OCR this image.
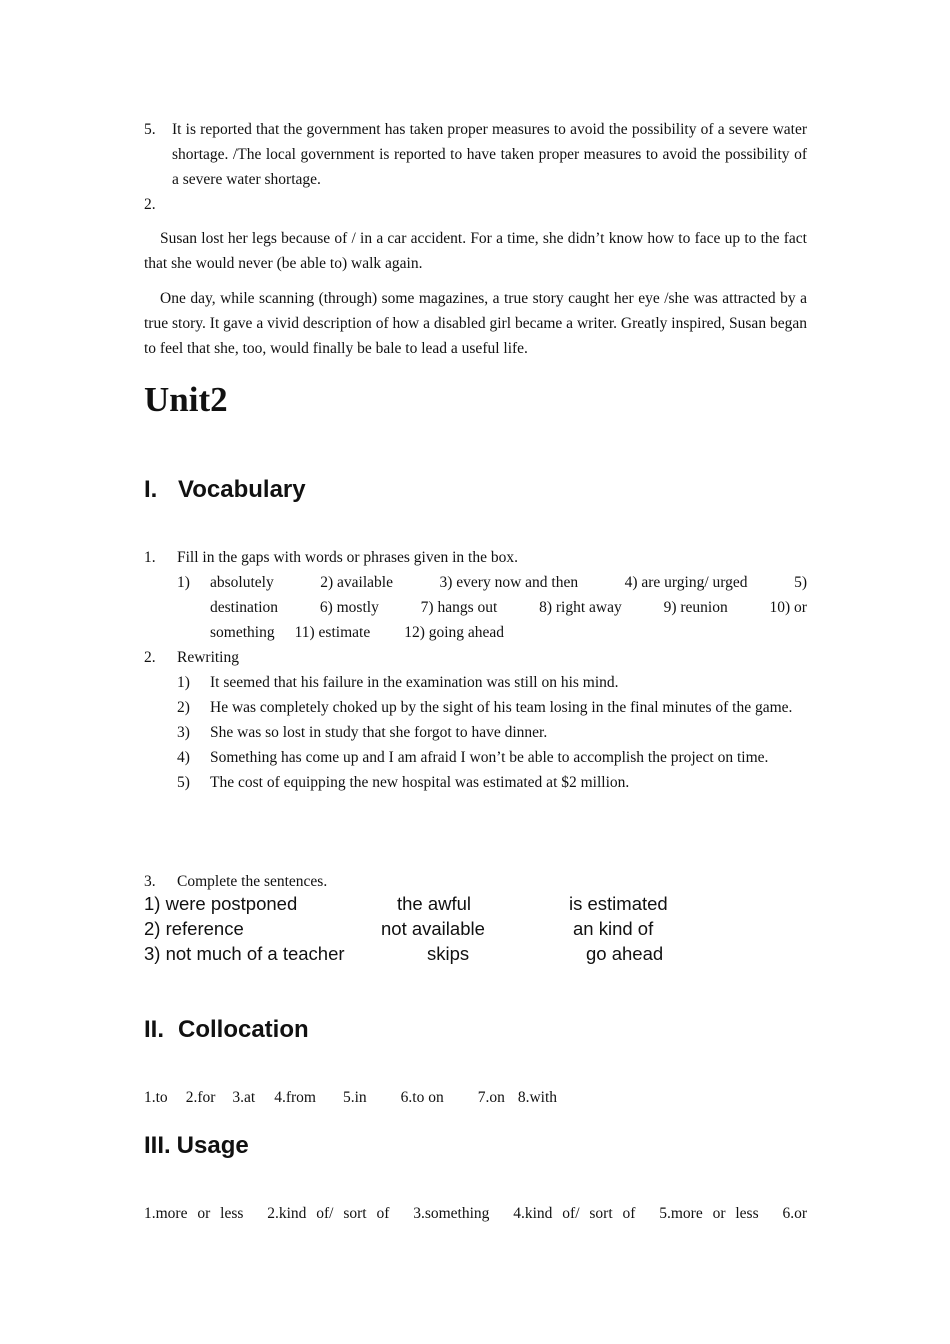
5. It is reported that the government has taken proper measures to avoid the possibility of a severe water shortage. /The local government is reported to have taken proper measures to avoid the possibility of a severe water shortage.
2.
Susan lost her legs because of / in a car accident. For a time, she didn’t know how to face up to the fact that she would never (be able to) walk again.
One day, while scanning (through) some magazines, a true story caught her eye /she was attracted by a true story. It gave a vivid description of how a disabled girl became a writer. Greatly inspired, Susan began to feel that she, too, would finally be bale to lead a useful life.
Unit2
I. Vocabulary
1. Fill in the gaps with words or phrases given in the box.
1) absolutely	2) available	3) every now and then	4) are urging/ urged	5)
destination	6) mostly	7) hangs out	8) right away	9) reunion	10) or
something 11) estimate 12) going ahead
2. Rewriting
1) It seemed that his failure in the examination was still on his mind.
2) He was completely choked up by the sight of his team losing in the final minutes of the game.
3) She was so lost in study that she forgot to have dinner.
4) Something has come up and I am afraid I won’t be able to accomplish the project on time.
5) The cost of equipping the new hospital was estimated at $2 million.
3. Complete the sentences.
1) were postponed	the awful	is estimated
2) reference	not available	an kind of
3) not much of a teacher	skips	go ahead
II. Collocation
1.to 2.for 3.at 4.from 5.in 6.to on 7.on 8.with
III. Usage
1.more or less 2.kind of/ sort of 3.something 4.kind of/ sort of 5.more or less 6.or
